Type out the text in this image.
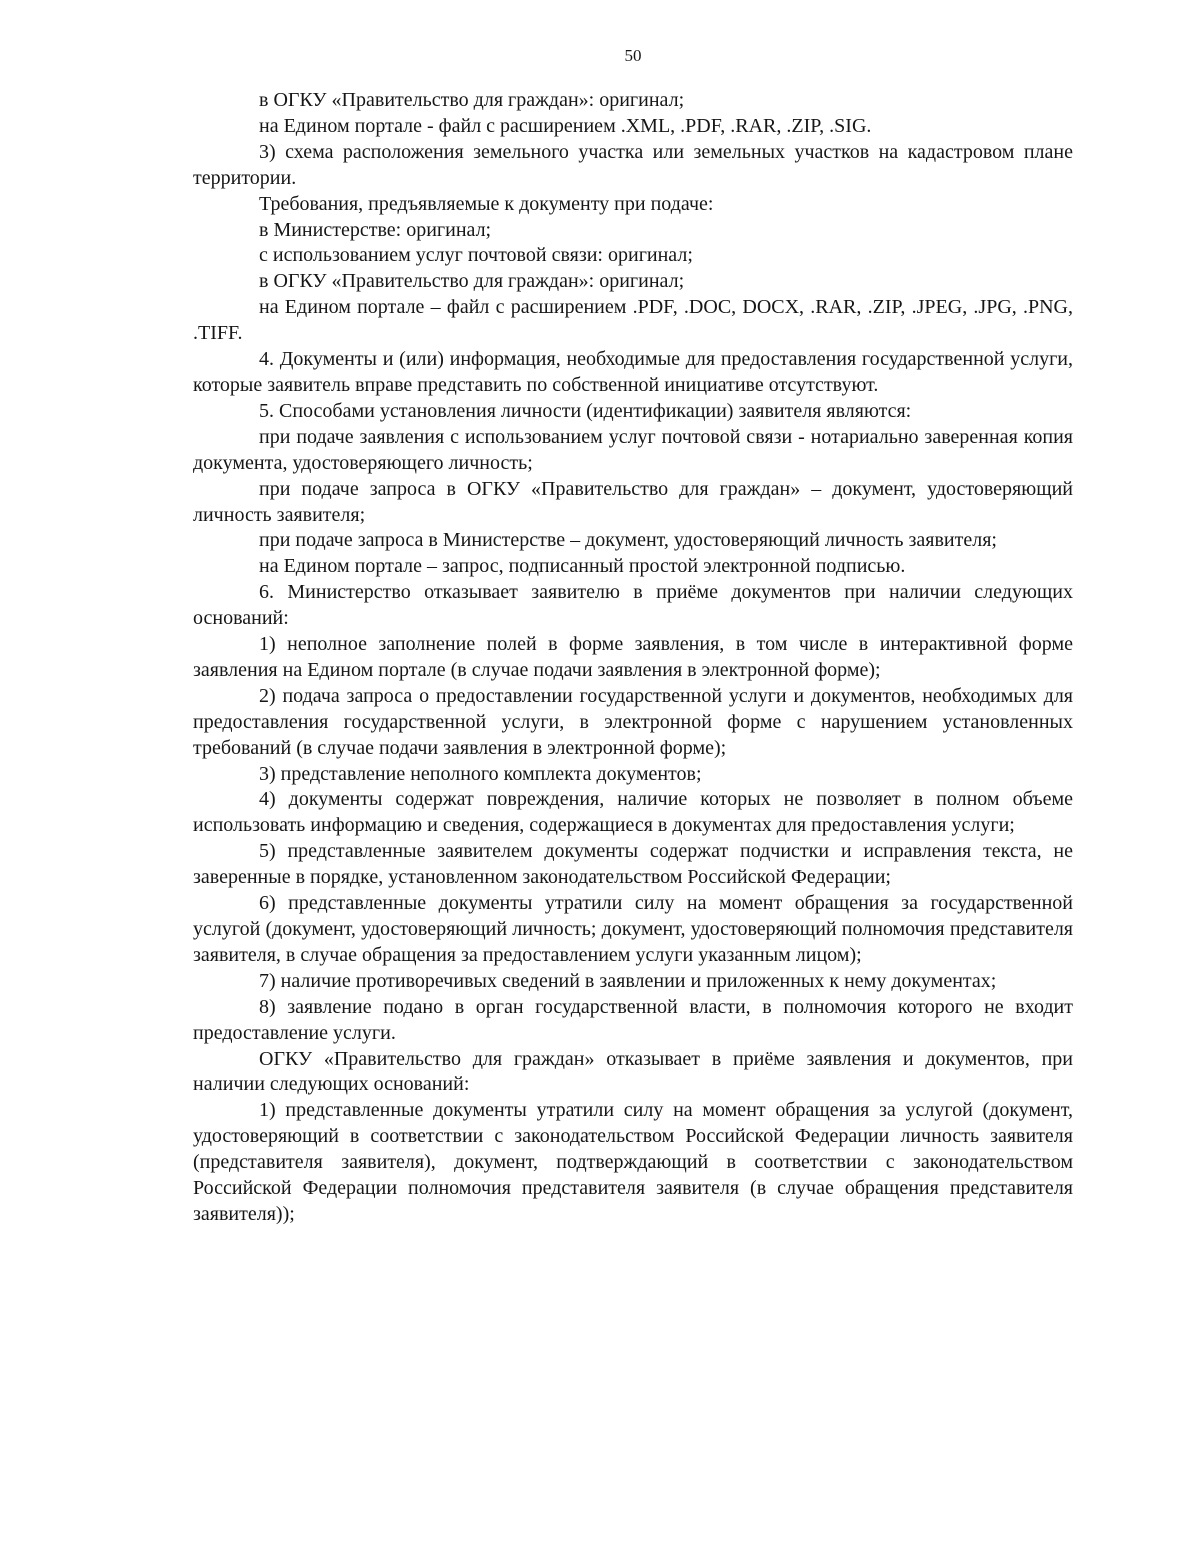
50

в ОГКУ «Правительство для граждан»: оригинал;

на Едином портале - файл с расширением .XML, .PDF, .RAR, .ZIP, .SIG.

3) схема расположения земельного участка или земельных участков на кадастровом плане территории.

Требования, предъявляемые к документу при подаче:

в Министерстве: оригинал;

с использованием услуг почтовой связи: оригинал;

в ОГКУ «Правительство для граждан»: оригинал;

на Едином портале – файл с расширением .PDF, .DOC, DOCX, .RAR, .ZIP, .JPEG, .JPG, .PNG, .TIFF.

4. Документы и (или) информация, необходимые для предоставления государственной услуги, которые заявитель вправе представить по собственной инициативе отсутствуют.

5. Способами установления личности (идентификации) заявителя являются:

при подаче заявления с использованием услуг почтовой связи - нотариально заверенная копия документа, удостоверяющего личность;

при подаче запроса в ОГКУ «Правительство для граждан» – документ, удостоверяющий личность заявителя;

при подаче запроса в Министерстве – документ, удостоверяющий личность заявителя;

на Едином портале – запрос, подписанный простой электронной подписью.

6. Министерство отказывает заявителю в приёме документов при наличии следующих оснований:

1) неполное заполнение полей в форме заявления, в том числе в интерактивной форме заявления на Едином портале (в случае подачи заявления в электронной форме);

2) подача запроса о предоставлении государственной услуги и документов, необходимых для предоставления государственной услуги, в электронной форме с нарушением установленных требований (в случае подачи заявления в электронной форме);

3) представление неполного комплекта документов;

4) документы содержат повреждения, наличие которых не позволяет в полном объеме использовать информацию и сведения, содержащиеся в документах для предоставления услуги;

5) представленные заявителем документы содержат подчистки и исправления текста, не заверенные в порядке, установленном законодательством Российской Федерации;

6) представленные документы утратили силу на момент обращения за государственной услугой (документ, удостоверяющий личность; документ, удостоверяющий полномочия представителя заявителя, в случае обращения за предоставлением услуги указанным лицом);

7) наличие противоречивых сведений в заявлении и приложенных к нему документах;

8) заявление подано в орган государственной власти, в полномочия которого не входит предоставление услуги.

ОГКУ «Правительство для граждан» отказывает в приёме заявления и документов, при наличии следующих оснований:

1) представленные документы утратили силу на момент обращения за услугой (документ, удостоверяющий в соответствии с законодательством Российской Федерации личность заявителя (представителя заявителя), документ, подтверждающий в соответствии с законодательством Российской Федерации полномочия представителя заявителя (в случае обращения представителя заявителя));
